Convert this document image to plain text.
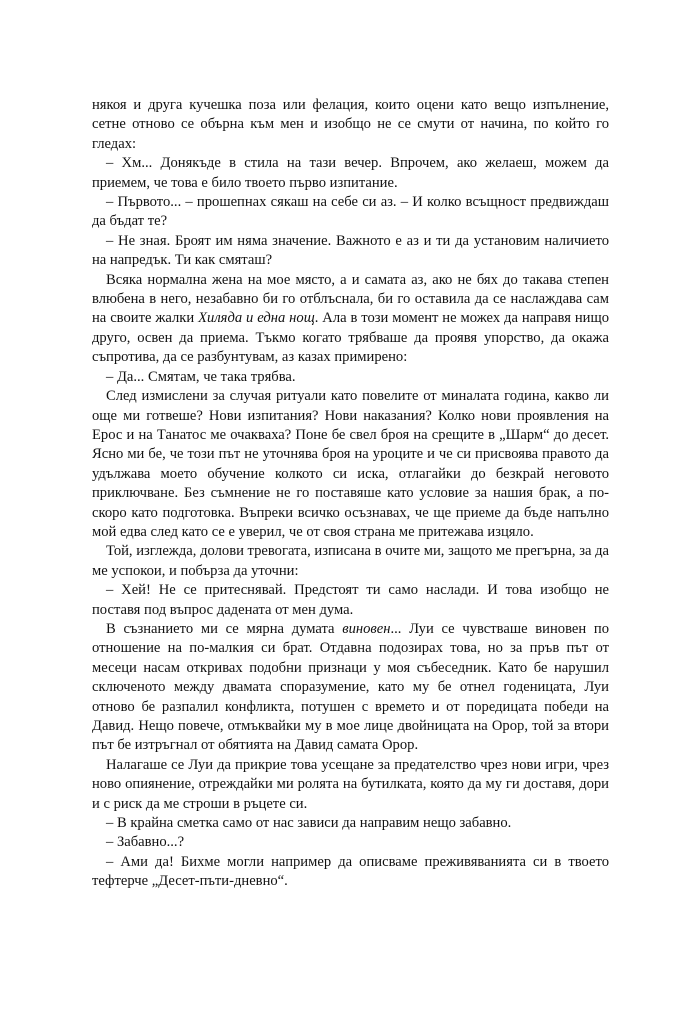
някоя и друга кучешка поза или фелация, които оцени като вещо изпълнение, сетне отново се обърна към мен и изобщо не се смути от начина, по който го гледах:

– Хм... Донякъде в стила на тази вечер. Впрочем, ако желаеш, можем да приемем, че това е било твоето първо изпитание.

– Първото... – прошепнах сякаш на себе си аз. – И колко всъщност предвиждаш да бъдат те?

– Не зная. Броят им няма значение. Важното е аз и ти да установим наличието на напредък. Ти как смяташ?

Всяка нормална жена на мое място, а и самата аз, ако не бях до такава степен влюбена в него, незабавно би го отблъснала, би го оставила да се наслаждава сам на своите жалки Хиляда и една нощ. Ала в този момент не можех да направя нищо друго, освен да приема. Тъкмо когато трябваше да проявя упорство, да окажа съпротива, да се разбунтувам, аз казах примирено:

– Да... Смятам, че така трябва.

След измислени за случая ритуали като повелите от миналата година, какво ли още ми готвеше? Нови изпитания? Нови наказания? Колко нови проявления на Ерос и на Танатос ме очакваха? Поне бе свел броя на срещите в „Шарм“ до десет. Ясно ми бе, че този път не уточнява броя на уроците и че си присвоява правото да удължава моето обучение колкото си иска, отлагайки до безкрай неговото приключване. Без съмнение не го поставяше като условие за нашия брак, а по-скоро като подготовка. Въпреки всичко осъзнавах, че ще приеме да бъде напълно мой едва след като се е уверил, че от своя страна ме притежава изцяло.

Той, изглежда, долови тревогата, изписана в очите ми, защото ме прегърна, за да ме успокои, и побърза да уточни:

– Хей! Не се притеснявай. Предстоят ти само наслади. И това изобщо не поставя под въпрос дадената от мен дума.

В съзнанието ми се мярна думата виновен... Луи се чувстваше виновен по отношение на по-малкия си брат. Отдавна подозирах това, но за пръв път от месеци насам откривах подобни признаци у моя събеседник. Като бе нарушил сключеното между двамата споразумение, като му бе отнел годеницата, Луи отново бе разпалил конфликта, потушен с времето и от поредицата победи на Давид. Нещо повече, отмъквайки му в мое лице двойницата на Орор, той за втори път бе изтръгнал от обятията на Давид самата Орор.

Налагаше се Луи да прикрие това усещане за предателство чрез нови игри, чрез ново опиянение, отреждайки ми ролята на бутилката, която да му ги доставя, дори и с риск да ме строши в ръцете си.

– В крайна сметка само от нас зависи да направим нещо забавно.

– Забавно...?

– Ами да! Бихме могли например да описваме преживяванията си в твоето тефтерче „Десет-пъти-дневно“.
